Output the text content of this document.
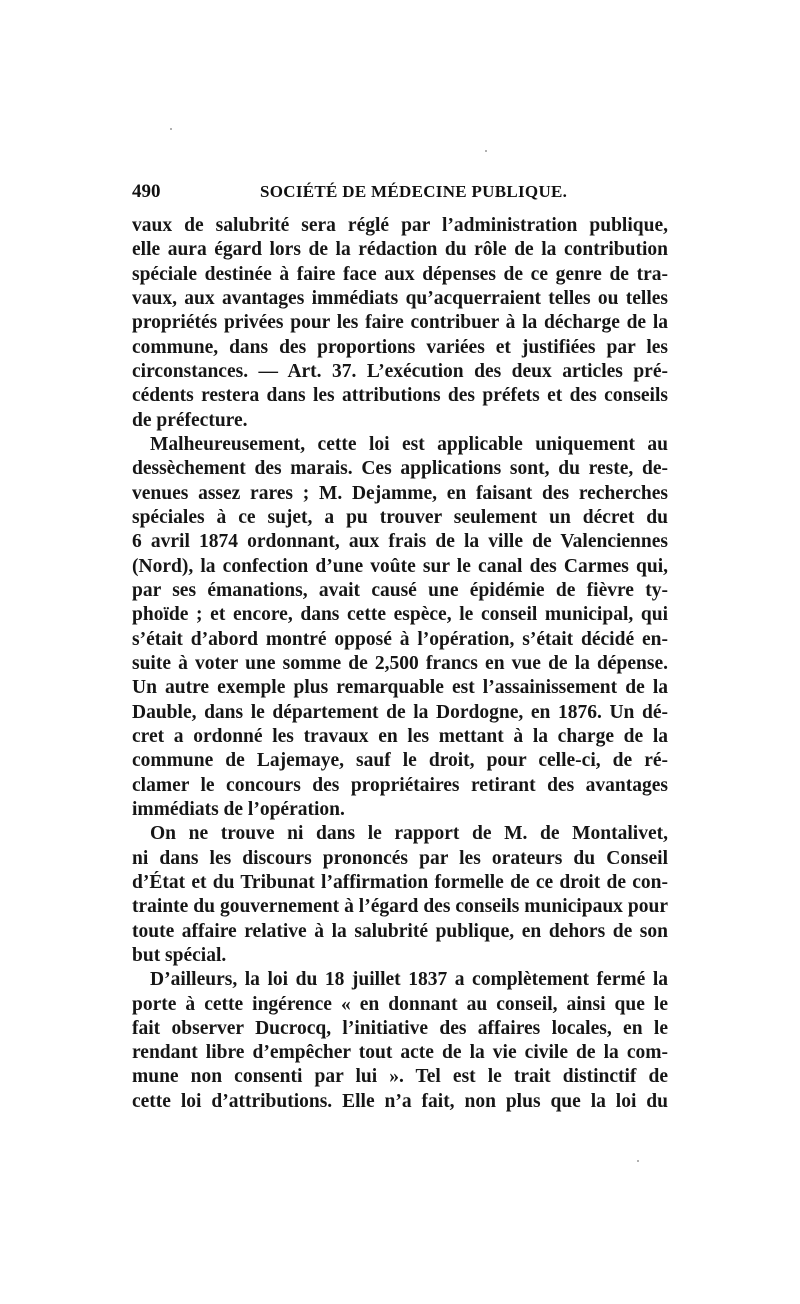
490	SOCIÉTÉ DE MÉDECINE PUBLIQUE.
vaux de salubrité sera réglé par l’administration publique,
elle aura égard lors de la rédaction du rôle de la contribution
spéciale destinée à faire face aux dépenses de ce genre de tra-
vaux, aux avantages immédiats qu’acquerraient telles ou telles
propriétés privées pour les faire contribuer à la décharge de la
commune, dans des proportions variées et justifiées par les
circonstances. — Art. 37. L’exécution des deux articles pré-
cédents restera dans les attributions des préfets et des conseils
de préfecture.
Malheureusement, cette loi est applicable uniquement au
dessèchement des marais. Ces applications sont, du reste, de-
venues assez rares ; M. Dejamme, en faisant des recherches
spéciales à ce sujet, a pu trouver seulement un décret du
6 avril 1874 ordonnant, aux frais de la ville de Valenciennes
(Nord), la confection d’une voûte sur le canal des Carmes qui,
par ses émanations, avait causé une épidémie de fièvre ty-
phoïde ; et encore, dans cette espèce, le conseil municipal, qui
s’était d’abord montré opposé à l’opération, s’était décidé en-
suite à voter une somme de 2,500 francs en vue de la dépense.
Un autre exemple plus remarquable est l’assainissement de la
Dauble, dans le département de la Dordogne, en 1876. Un dé-
cret a ordonné les travaux en les mettant à la charge de la
commune de Lajemaye, sauf le droit, pour celle-ci, de ré-
clamer le concours des propriétaires retirant des avantages
immédiats de l’opération.
On ne trouve ni dans le rapport de M. de Montalivet,
ni dans les discours prononcés par les orateurs du Conseil
d’État et du Tribunat l’affirmation formelle de ce droit de con-
trainte du gouvernement à l’égard des conseils municipaux pour
toute affaire relative à la salubrité publique, en dehors de son
but spécial.
D’ailleurs, la loi du 18 juillet 1837 a complètement fermé la
porte à cette ingérence « en donnant au conseil, ainsi que le
fait observer Ducrocq, l’initiative des affaires locales, en le
rendant libre d’empêcher tout acte de la vie civile de la com-
mune non consenti par lui ». Tel est le trait distinctif de
cette loi d’attributions. Elle n’a fait, non plus que la loi du
